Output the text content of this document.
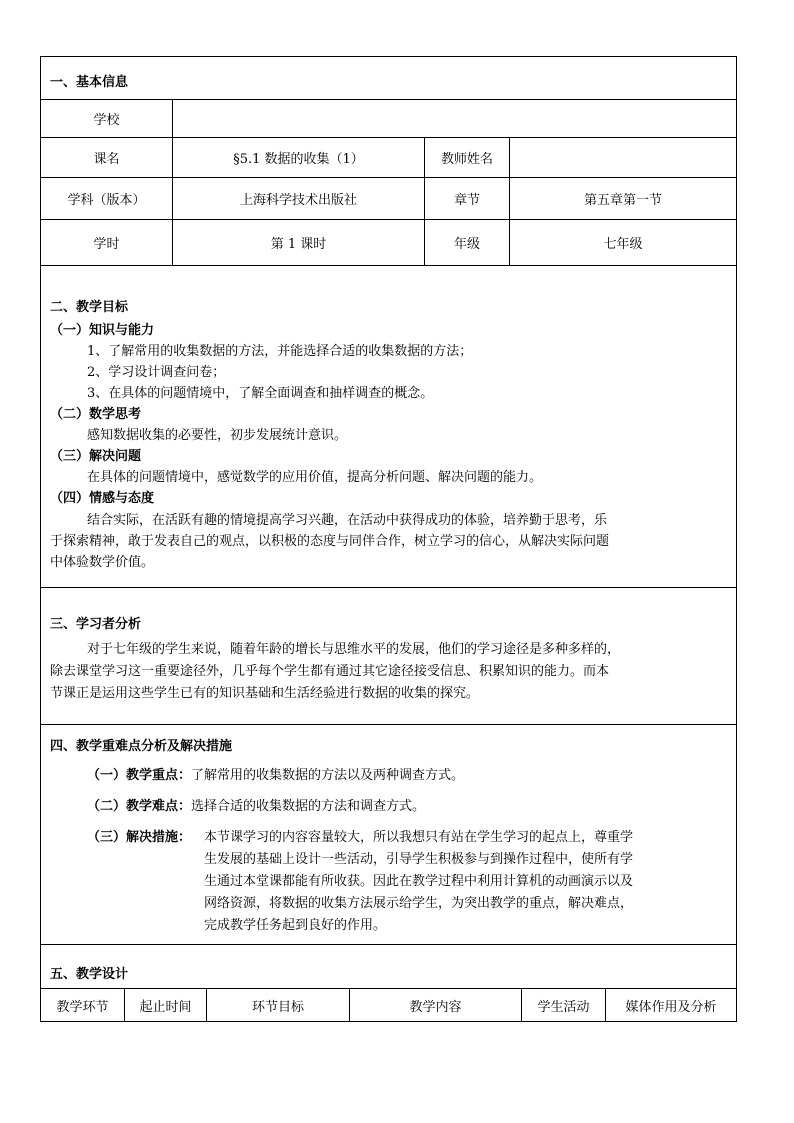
一、基本信息
学校
课名	§5.1 数据的收集（1）	教师姓名
学科（版本）	上海科学技术出版社	章节	第五章第一节
学时	第 1 课时	年级	七年级
二、教学目标
（一）知识与能力
1、了解常用的收集数据的方法，并能选择合适的收集数据的方法；
2、学习设计调查问卷；
3、在具体的问题情境中，了解全面调查和抽样调查的概念。
（二）数学思考
感知数据收集的必要性，初步发展统计意识。
（三）解决问题
在具体的问题情境中，感觉数学的应用价值，提高分析问题、解决问题的能力。
（四）情感与态度
结合实际，在活跃有趣的情境提高学习兴趣，在活动中获得成功的体验，培养勤于思考，乐
于探索精神，敢于发表自己的观点，以积极的态度与同伴合作，树立学习的信心，从解决实际问题
中体验数学价值。
三、学习者分析
对于七年级的学生来说，随着年龄的增长与思维水平的发展，他们的学习途径是多种多样的，
除去课堂学习这一重要途径外，几乎每个学生都有通过其它途径接受信息、积累知识的能力。而本
节课正是运用这些学生已有的知识基础和生活经验进行数据的收集的探究。
四、教学重难点分析及解决措施
（一）教学重点：了解常用的收集数据的方法以及两种调查方式。
（二）教学难点：选择合适的收集数据的方法和调查方式。
（三）解决措施： 本节课学习的内容容量较大，所以我想只有站在学生学习的起点上，尊重学
生发展的基础上设计一些活动，引导学生积极参与到操作过程中，使所有学
生通过本堂课都能有所收获。因此在教学过程中利用计算机的动画演示以及
网络资源，将数据的收集方法展示给学生，为突出教学的重点，解决难点，
完成教学任务起到良好的作用。
五、教学设计
教学环节	起止时间	环节目标	教学内容	学生活动	媒体作用及分析
